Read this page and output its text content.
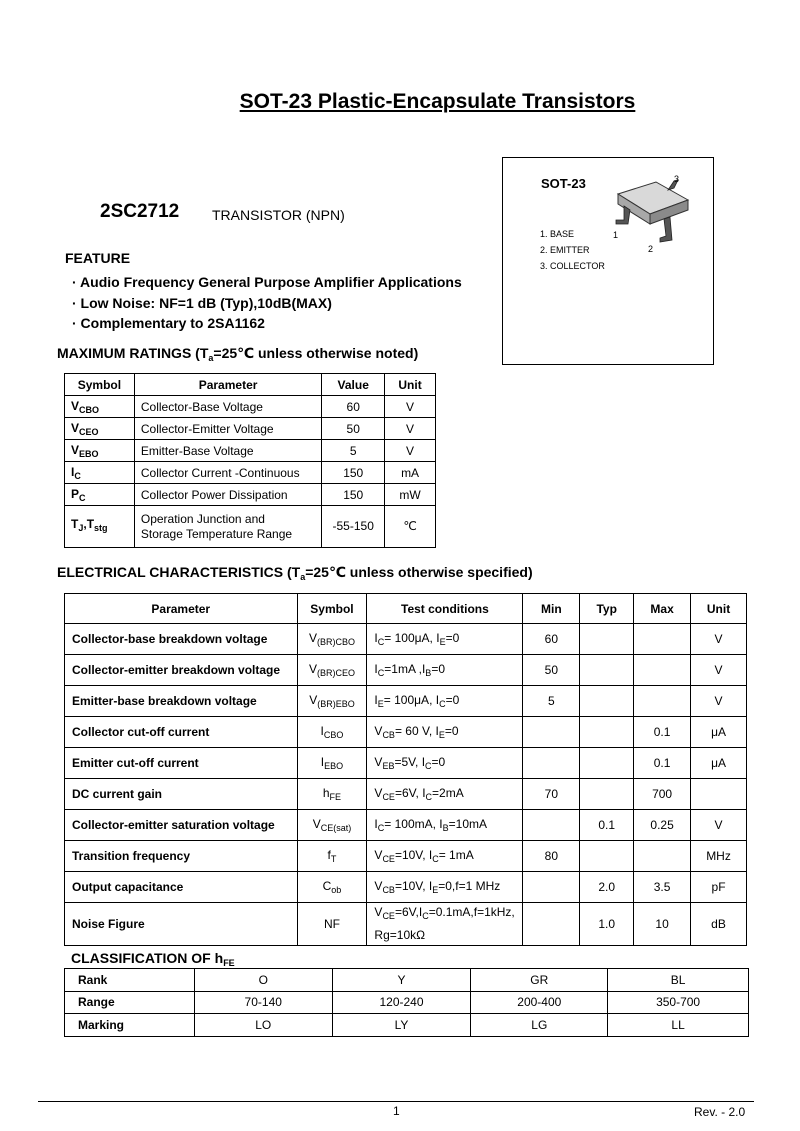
SOT-23 Plastic-Encapsulate Transistors
2SC2712 TRANSISTOR (NPN)
FEATURE
· Audio Frequency General Purpose Amplifier Applications
· Low Noise: NF=1 dB (Typ),10dB(MAX)
· Complementary to 2SA1162
SOT-23
1. BASE
2. EMITTER
3. COLLECTOR
3
1
2
MAXIMUM RATINGS ($T_a=25℃$ unless otherwise noted)
Symbol	Parameter	Value	Unit
$V_{CBO}$	Collector-Base Voltage	60	V
$V_{CEO}$	Collector-Emitter Voltage	50	V
$V_{EBO}$	Emitter-Base Voltage	5	V
$I_C$	Collector Current -Continuous	150	mA
$P_C$	Collector Power Dissipation	150	mW
$T_J,T_{stg}$	Operation Junction and
Storage Temperature Range	-55-150	℃
ELECTRICAL CHARACTERISTICS ($T_a=25℃$ unless otherwise specified)
Parameter	Symbol	Test conditions	Min	Typ	Max	Unit
Collector-base breakdown voltage	$V_{(BR)CBO}$	$I_C= 100\mu A$, $I_E=0$	60			V
Collector-emitter breakdown voltage	$V_{(BR)CEO}$	$I_C=1mA$ $,I_B=0$	50			V
Emitter-base breakdown voltage	$V_{(BR)EBO}$	$I_E= 100\mu A$, $I_C=0$	5			V
Collector cut-off current	$I_{CBO}$	$V_{CB}= 60$ V, $I_E=0$			0.1	μA
Emitter cut-off current	$I_{EBO}$	$V_{EB}=5V$, $I_C=0$			0.1	μA
DC current gain	$h_{FE}$	$V_{CE}=6V$, $I_C=2mA$	70		700	
Collector-emitter saturation voltage	$V_{CE(sat)}$	$I_C= 100mA$, $I_B=10mA$		0.1	0.25	V
Transition frequency	$f_T$	$V_{CE}=10V$, $I_C= 1mA$	80			MHz
Output capacitance	$C_{ob}$	$V_{CB}=10V$, $I_E=0,f=1$ MHz		2.0	3.5	pF
Noise Figure	NF	$V_{CE}=6V,I_C=0.1mA,f=1kHz$,
Rg=10kΩ		1.0	10	dB
CLASSIFICATION OF $h_{FE}$
Rank	O	Y	GR	BL
Range	70-140	120-240	200-400	350-700
Marking	LO	LY	LG	LL
1	Rev. - 2.0
